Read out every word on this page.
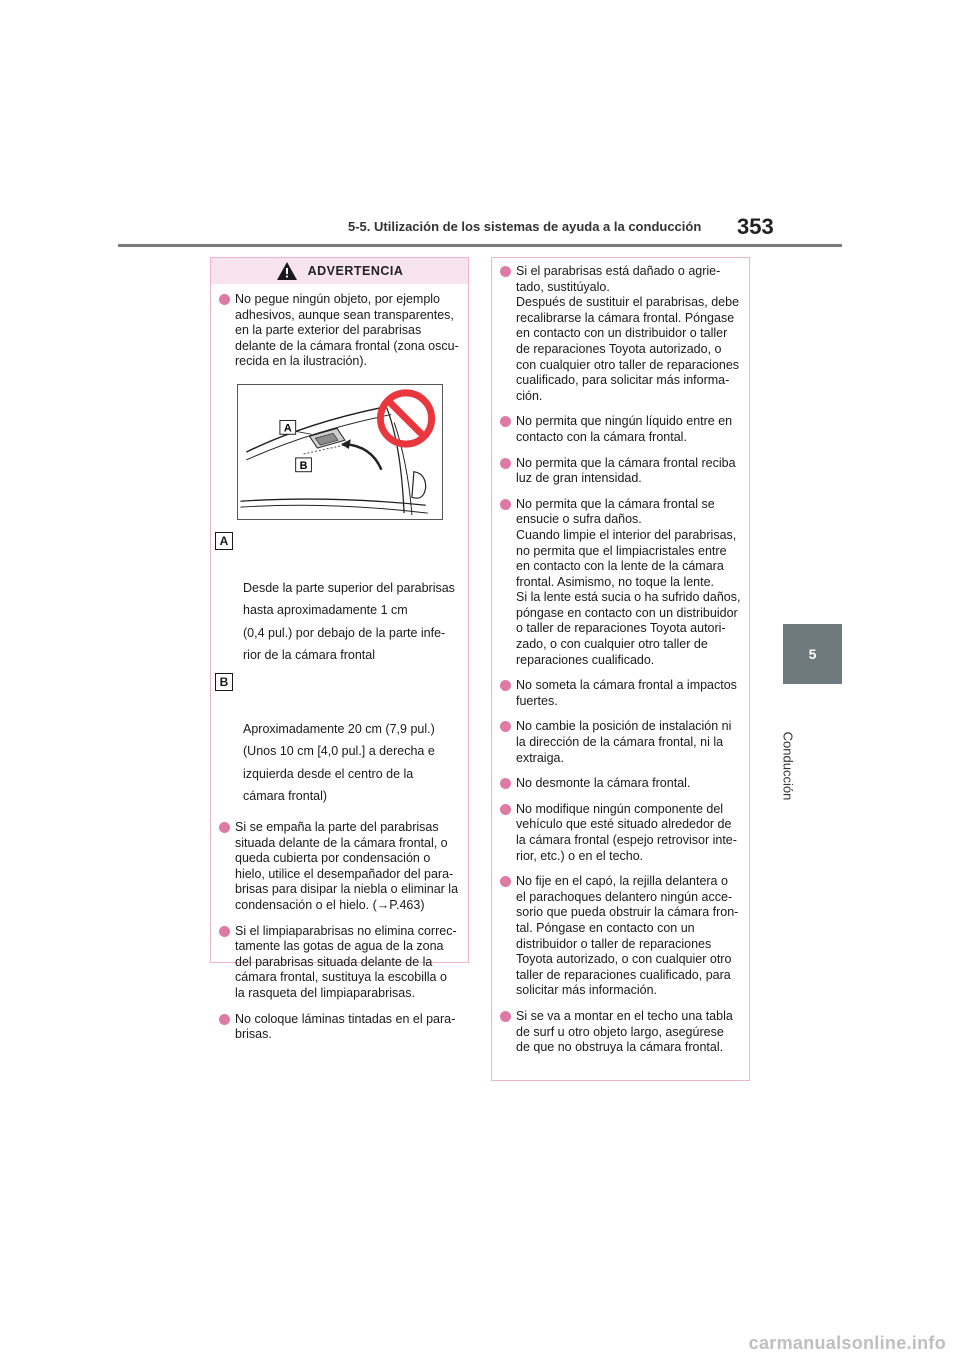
5-5. Utilización de los sistemas de ayuda a la conducción 353
5
Conducción
ADVERTENCIA
No pegue ningún objeto, por ejemplo
adhesivos, aunque sean transparentes,
en la parte exterior del parabrisas
delante de la cámara frontal (zona oscu-
recida en la ilustración).
A
B

A

Desde la parte superior del parabrisas
hasta aproximadamente 1 cm
(0,4 pul.) por debajo de la parte infe-
rior de la cámara frontal

B

Aproximadamente 20 cm (7,9 pul.)
(Unos 10 cm [4,0 pul.] a derecha e
izquierda desde el centro de la
cámara frontal)

Si se empaña la parte del parabrisas
situada delante de la cámara frontal, o
queda cubierta por condensación o
hielo, utilice el desempañador del para-
brisas para disipar la niebla o eliminar la
condensación o el hielo. (→P.463)
Si el limpiaparabrisas no elimina correc-
tamente las gotas de agua de la zona
del parabrisas situada delante de la
cámara frontal, sustituya la escobilla o
la rasqueta del limpiaparabrisas.
No coloque láminas tintadas en el para-
brisas.
Si el parabrisas está dañado o agrie-
tado, sustitúyalo.
Después de sustituir el parabrisas, debe
recalibrarse la cámara frontal. Póngase
en contacto con un distribuidor o taller
de reparaciones Toyota autorizado, o
con cualquier otro taller de reparaciones
cualificado, para solicitar más informa-
ción.
No permita que ningún líquido entre en
contacto con la cámara frontal.
No permita que la cámara frontal reciba
luz de gran intensidad.
No permita que la cámara frontal se
ensucie o sufra daños.
Cuando limpie el interior del parabrisas,
no permita que el limpiacristales entre
en contacto con la lente de la cámara
frontal. Asimismo, no toque la lente.
Si la lente está sucia o ha sufrido daños,
póngase en contacto con un distribuidor
o taller de reparaciones Toyota autori-
zado, o con cualquier otro taller de
reparaciones cualificado.
No someta la cámara frontal a impactos
fuertes.
No cambie la posición de instalación ni
la dirección de la cámara frontal, ni la
extraiga.
No desmonte la cámara frontal.
No modifique ningún componente del
vehículo que esté situado alrededor de
la cámara frontal (espejo retrovisor inte-
rior, etc.) o en el techo.
No fije en el capó, la rejilla delantera o
el parachoques delantero ningún acce-
sorio que pueda obstruir la cámara fron-
tal. Póngase en contacto con un
distribuidor o taller de reparaciones
Toyota autorizado, o con cualquier otro
taller de reparaciones cualificado, para
solicitar más información.
Si se va a montar en el techo una tabla
de surf u otro objeto largo, asegúrese
de que no obstruya la cámara frontal.
carmanualsonline.info
